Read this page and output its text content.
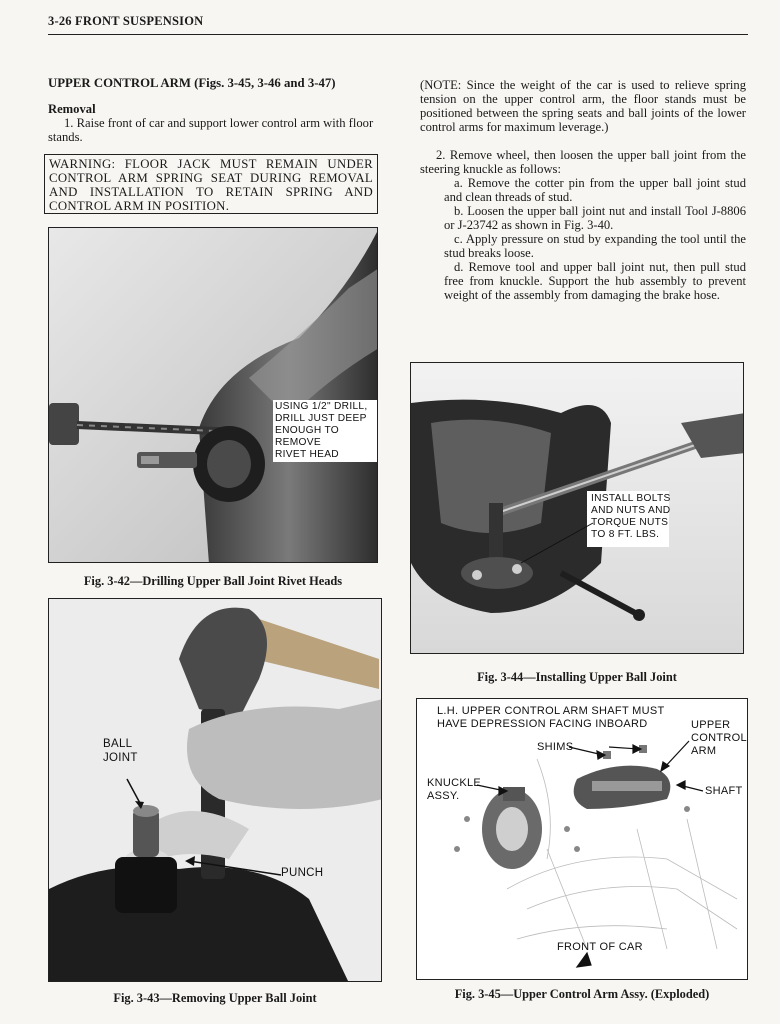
3-26 FRONT SUSPENSION

UPPER CONTROL ARM (Figs. 3-45, 3-46 and 3-47)

Removal

1. Raise front of car and support lower control arm with floor stands.

WARNING: FLOOR JACK MUST REMAIN UNDER CONTROL ARM SPRING SEAT DURING REMOVAL AND INSTALLATION TO RETAIN SPRING AND CONTROL ARM IN POSITION.

(NOTE: Since the weight of the car is used to relieve spring tension on the upper control arm, the floor stands must be positioned between the spring seats and ball joints of the lower control arms for maximum leverage.)

2. Remove wheel, then loosen the upper ball joint from the steering knuckle as follows:

a. Remove the cotter pin from the upper ball joint stud and clean threads of stud.

b. Loosen the upper ball joint nut and install Tool J-8806 or J-23742 as shown in Fig. 3-40.

c. Apply pressure on stud by expanding the tool until the stud breaks loose.

d. Remove tool and upper ball joint nut, then pull stud free from knuckle. Support the hub assembly to prevent weight of the assembly from damaging the brake hose.

USING 1/2" DRILL,
DRILL JUST DEEP
ENOUGH TO REMOVE
RIVET HEAD
Fig. 3-42—Drilling Upper Ball Joint Rivet Heads
BALL
JOINT
PUNCH
Fig. 3-43—Removing Upper Ball Joint
INSTALL BOLTS
AND NUTS AND
TORQUE NUTS
TO 8 FT. LBS.
Fig. 3-44—Installing Upper Ball Joint
L.H. UPPER CONTROL ARM SHAFT MUST
HAVE DEPRESSION FACING INBOARD
SHIMS
UPPER
CONTROL
ARM
KNUCKLE
ASSY.	SHAFT
FRONT OF CAR
Fig. 3-45—Upper Control Arm Assy. (Exploded)
